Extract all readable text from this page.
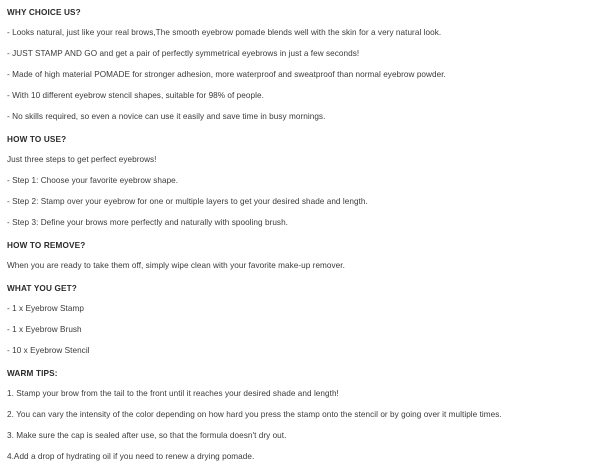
WHY CHOICE US?
- Looks natural, just like your real brows,The smooth eyebrow pomade blends well with the skin for a very natural look.
- JUST STAMP AND GO and get a pair of perfectly symmetrical eyebrows in just a few seconds!
- Made of high material POMADE for stronger adhesion, more waterproof and sweatproof than normal eyebrow powder.
- With 10 different eyebrow stencil shapes, suitable for 98% of people.
- No skills required, so even a novice can use it easily and save time in busy mornings.
HOW TO USE?
Just three steps to get perfect eyebrows!
- Step 1: Choose your favorite eyebrow shape.
- Step 2: Stamp over your eyebrow for one or multiple layers to get your desired shade and length.
- Step 3: Define your brows more perfectly and naturally with spooling brush.
HOW TO REMOVE?
When you are ready to take them off, simply wipe clean with your favorite make-up remover.
WHAT YOU GET?
- 1 x Eyebrow Stamp
- 1 x Eyebrow Brush
- 10 x Eyebrow Stencil
WARM TIPS:
1. Stamp your brow from the tail to the front until it reaches your desired shade and length!
2. You can vary the intensity of the color depending on how hard you press the stamp onto the stencil or by going over it multiple times.
3. Make sure the cap is sealed after use, so that the formula doesn't dry out.
4.Add a drop of hydrating oil if you need to renew a drying pomade.
